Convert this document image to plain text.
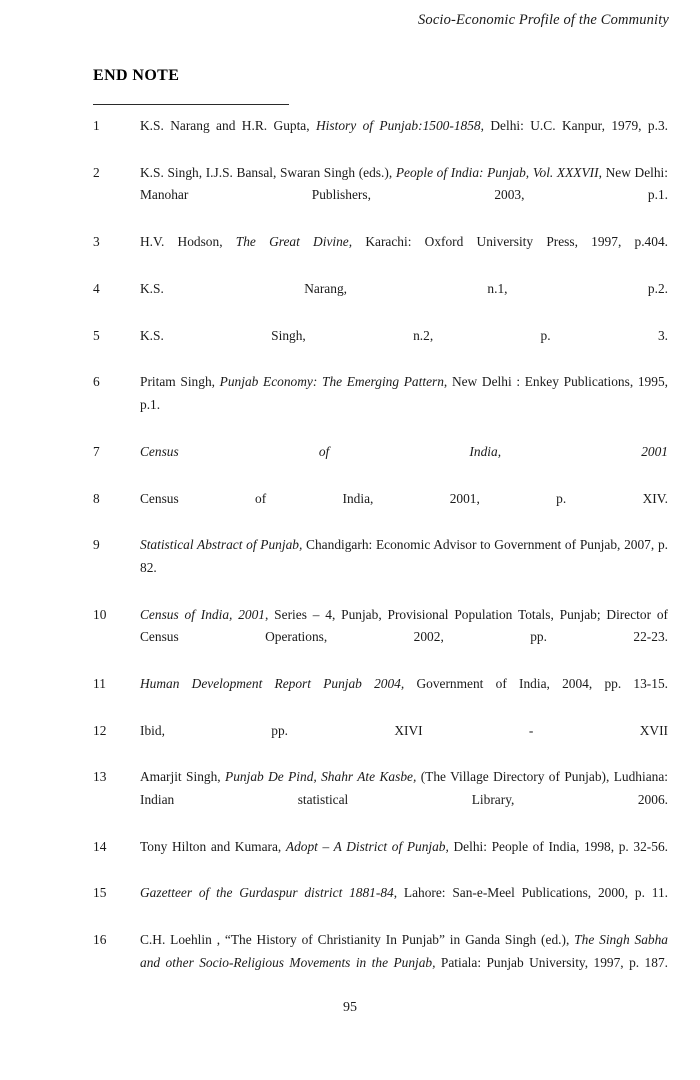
Socio-Economic Profile of the Community
END NOTE
1	K.S. Narang and H.R. Gupta, History of Punjab:1500-1858, Delhi: U.C. Kanpur, 1979, p.3.
2	K.S. Singh, I.J.S. Bansal, Swaran Singh (eds.), People of India: Punjab, Vol. XXXVII, New Delhi: Manohar Publishers, 2003, p.1.
3	H.V. Hodson, The Great Divine, Karachi: Oxford University Press, 1997, p.404.
4	K.S. Narang, n.1, p.2.
5	K.S. Singh, n.2, p. 3.
6	Pritam Singh, Punjab Economy: The Emerging Pattern, New Delhi : Enkey Publications, 1995, p.1.
7	Census of India, 2001
8	Census of India, 2001, p. XIV.
9	Statistical Abstract of Punjab, Chandigarh: Economic Advisor to Government of Punjab, 2007, p. 82.
10	Census of India, 2001, Series – 4, Punjab, Provisional Population Totals, Punjab; Director of Census Operations, 2002, pp. 22-23.
11	Human Development Report Punjab 2004, Government of India, 2004, pp. 13-15.
12	Ibid, pp. XIVI - XVII
13	Amarjit Singh, Punjab De Pind, Shahr Ate Kasbe, (The Village Directory of Punjab), Ludhiana: Indian statistical Library, 2006.
14	Tony Hilton and Kumara, Adopt – A District of Punjab, Delhi: People of India, 1998, p. 32-56.
15	Gazetteer of the Gurdaspur district 1881-84, Lahore: San-e-Meel Publications, 2000, p. 11.
16	C.H. Loehlin , “The History of Christianity In Punjab” in Ganda Singh (ed.), The Singh Sabha and other Socio-Religious Movements in the Punjab, Patiala: Punjab University, 1997, p. 187.
95
